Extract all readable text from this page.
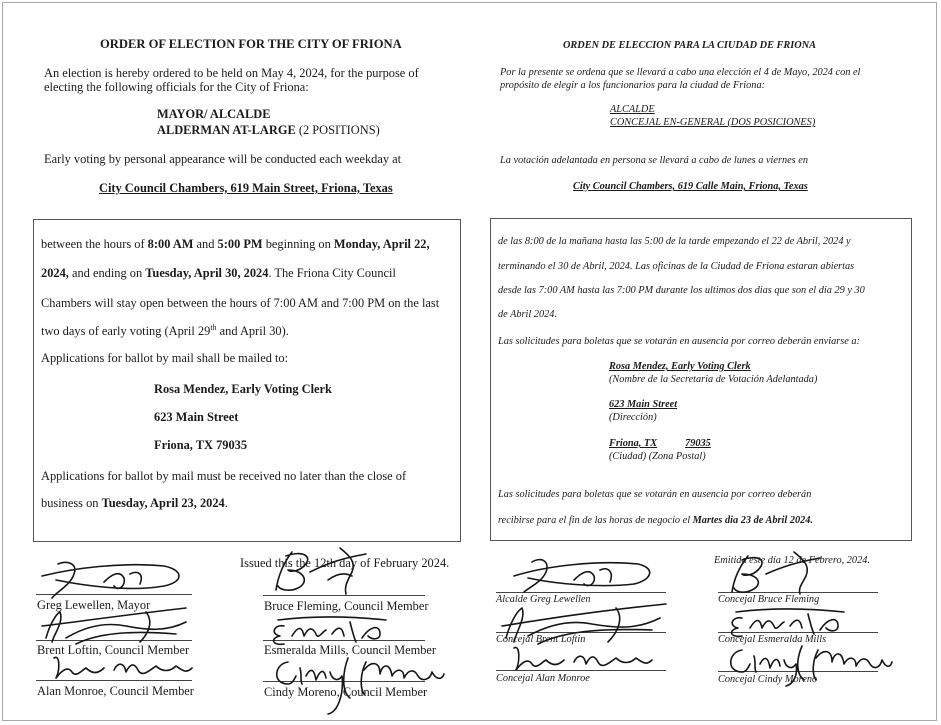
ORDER OF ELECTION FOR THE CITY OF FRIONA
An election is hereby ordered to be held on May 4, 2024, for the purpose of
electing the following officials for the City of Friona:
MAYOR/ ALCALDE
ALDERMAN AT-LARGE (2 POSITIONS)
Early voting by personal appearance will be conducted each weekday at
City Council Chambers, 619 Main Street, Friona, Texas
between the hours of 8:00 AM and 5:00 PM beginning on Monday, April 22,
2024, and ending on Tuesday, April 30, 2024. The Friona City Council
Chambers will stay open between the hours of 7:00 AM and 7:00 PM on the last
two days of early voting (April 29th and April 30).
Applications for ballot by mail shall be mailed to:
Rosa Mendez, Early Voting Clerk
623 Main Street
Friona, TX 79035
Applications for ballot by mail must be received no later than the close of
business on Tuesday, April 23, 2024.
Issued this the 12th day of February 2024.
Greg Lewellen, Mayor
Brent Loftin, Council Member
Alan Monroe, Council Member
Bruce Fleming, Council Member
Esmeralda Mills, Council Member
Cindy Moreno, Council Member
ORDEN DE ELECCION PARA LA CIUDAD DE FRIONA
Por la presente se ordena que se llevará a cabo una elección el 4 de Mayo, 2024 con el
propósito de elegir a los funcionarios para la ciudad de Friona:
ALCALDE
CONCEJAL EN-GENERAL (DOS POSICIONES)
La votación adelantada en persona se llevará a cabo de lunes a viernes en
City Council Chambers, 619 Calle Main, Friona, Texas
de las 8:00 de la mañana hasta las 5:00 de la tarde empezando el 22 de Abril, 2024 y
terminando el 30 de Abril, 2024. Las oficinas de la Ciudad de Friona estaran abiertas
desde las 7:00 AM hasta las 7:00 PM durante los ultimos dos dias que son el dia 29 y 30
de Abril 2024.
Las solicitudes para boletas que se votarán en ausencia por correo deberán enviarse a:
Rosa Mendez, Early Voting Clerk
(Nombre de la Secretaria de Votación Adelantada)
623 Main Street
(Dirección)
Friona, TX	79035
(Ciudad) (Zona Postal)
Las solicitudes para boletas que se votarán en ausencia por correo deberán
recibirse para el fin de las horas de negocio el Martes dia 23 de Abril 2024.
Emitida este día 12 de Febrero, 2024.
Alcalde Greg Lewellen
Concejal Brent Loftin
Concejal Alan Monroe
Concejal Bruce Fleming
Concejal Esmeralda Mills
Concejal Cindy Moreno
